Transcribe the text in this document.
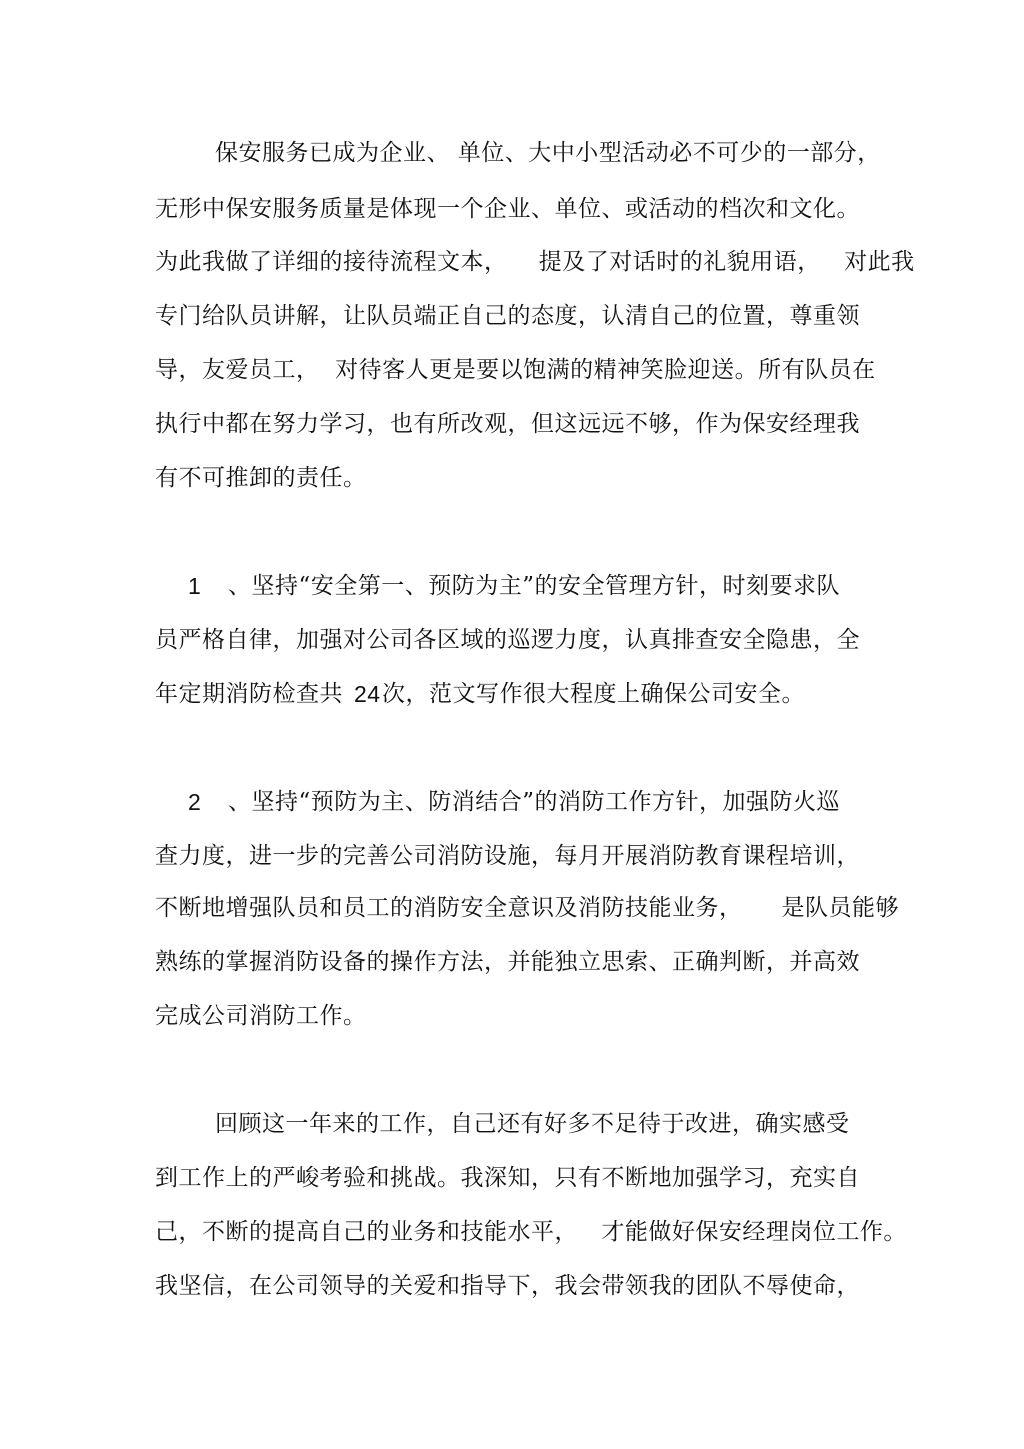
保安服务已成为企业、 单位、大中小型活动必不可少的一部分，
无形中保安服务质量是体现一个企业、单位、或活动的档次和文化。
为此我做了详细的接待流程文本，    提及了对话时的礼貌用语，   对此我
专门给队员讲解，让队员端正自己的态度，认清自己的位置，尊重领
导，友爱员工，  对待客人更是要以饱满的精神笑脸迎送。所有队员在
执行中都在努力学习，也有所改观，但这远远不够，作为保安经理我
有不可推卸的责任。
1 、坚持“安全第一、预防为主”的安全管理方针，时刻要求队
员严格自律，加强对公司各区域的巡逻力度，认真排查安全隐患，全
年定期消防检查共 24 次，范文写作很大程度上确保公司安全。
2 、坚持“预防为主、防消结合”的消防工作方针，加强防火巡
查力度，进一步的完善公司消防设施，每月开展消防教育课程培训，
不断地增强队员和员工的消防安全意识及消防技能业务，     是队员能够
熟练的掌握消防设备的操作方法，并能独立思索、正确判断，并高效
完成公司消防工作。
回顾这一年来的工作，自己还有好多不足待于改进，确实感受
到工作上的严峻考验和挑战。我深知，只有不断地加强学习，充实自
己，不断的提高自己的业务和技能水平，   才能做好保安经理岗位工作。
我坚信，在公司领导的关爱和指导下，我会带领我的团队不辱使命，
